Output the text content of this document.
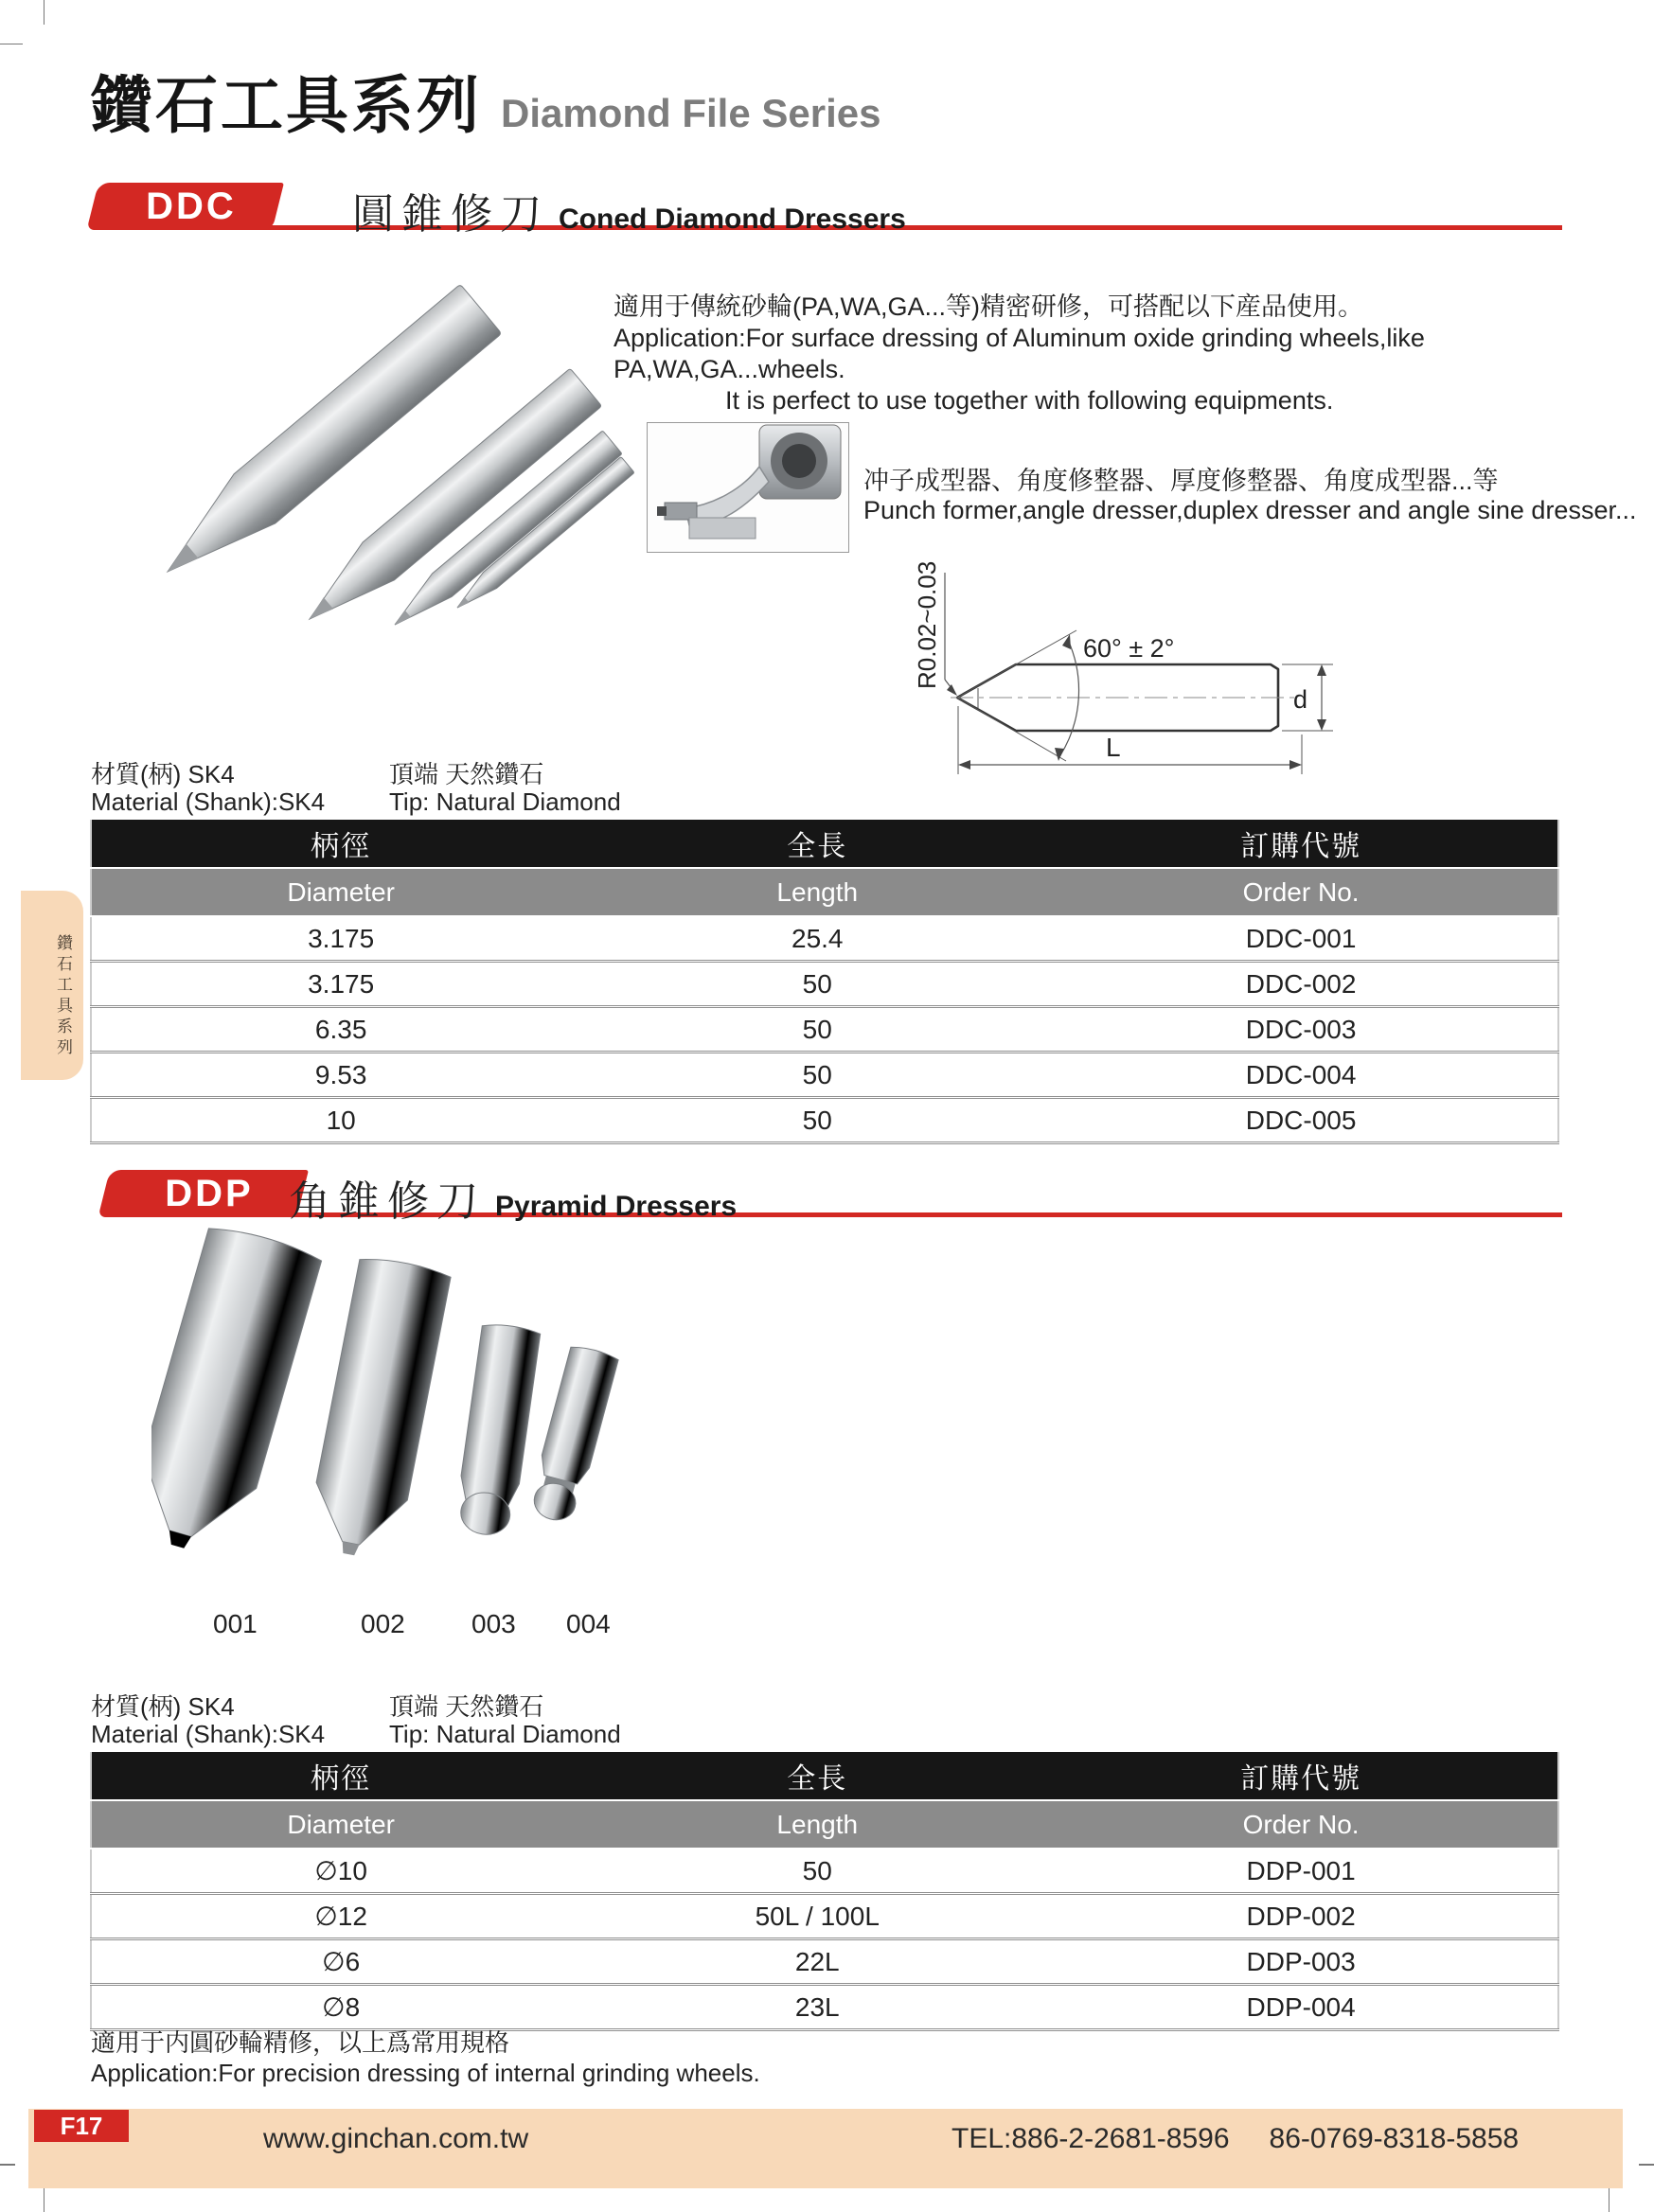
鑽石工具系列 Diamond File Series
DDC	圓錐修刀 Coned Diamond Dressers
適用于傳統砂輪(PA,WA,GA...等)精密研修，可搭配以下産品使用。
Application:For surface dressing of Aluminum oxide grinding wheels,like PA,WA,GA...wheels.
It is perfect to use together with following equipments.
冲子成型器、角度修整器、厚度修整器、角度成型器...等
Punch former,angle dresser,duplex dresser and angle sine dresser...
R0.02~0.03	60° ± 2°
d
L
材質(柄) SK4	頂端 天然鑽石
Material (Shank):SK4	Tip: Natural Diamond
柄徑	全長	訂購代號
Diameter	Length	Order No.
3.175	25.4	DDC-001
3.175	50	DDC-002
6.35	50	DDC-003
9.53	50	DDC-004
10	50	DDC-005
DDP 角錐修刀 Pyramid Dressers
001	002	003 004
材質(柄) SK4	頂端 天然鑽石
Material (Shank):SK4	Tip: Natural Diamond
柄徑	全長	訂購代號
Diameter	Length	Order No.
∅10	50	DDP-001
∅12	50L / 100L	DDP-002
∅6	22L	DDP-003
∅8	23L	DDP-004
適用于内圓砂輪精修，以上爲常用規格
Application:For precision dressing of internal grinding wheels.
鑽石工具系列
F17	www.ginchan.com.tw	TEL:886-2-2681-8596 86-0769-8318-5858
